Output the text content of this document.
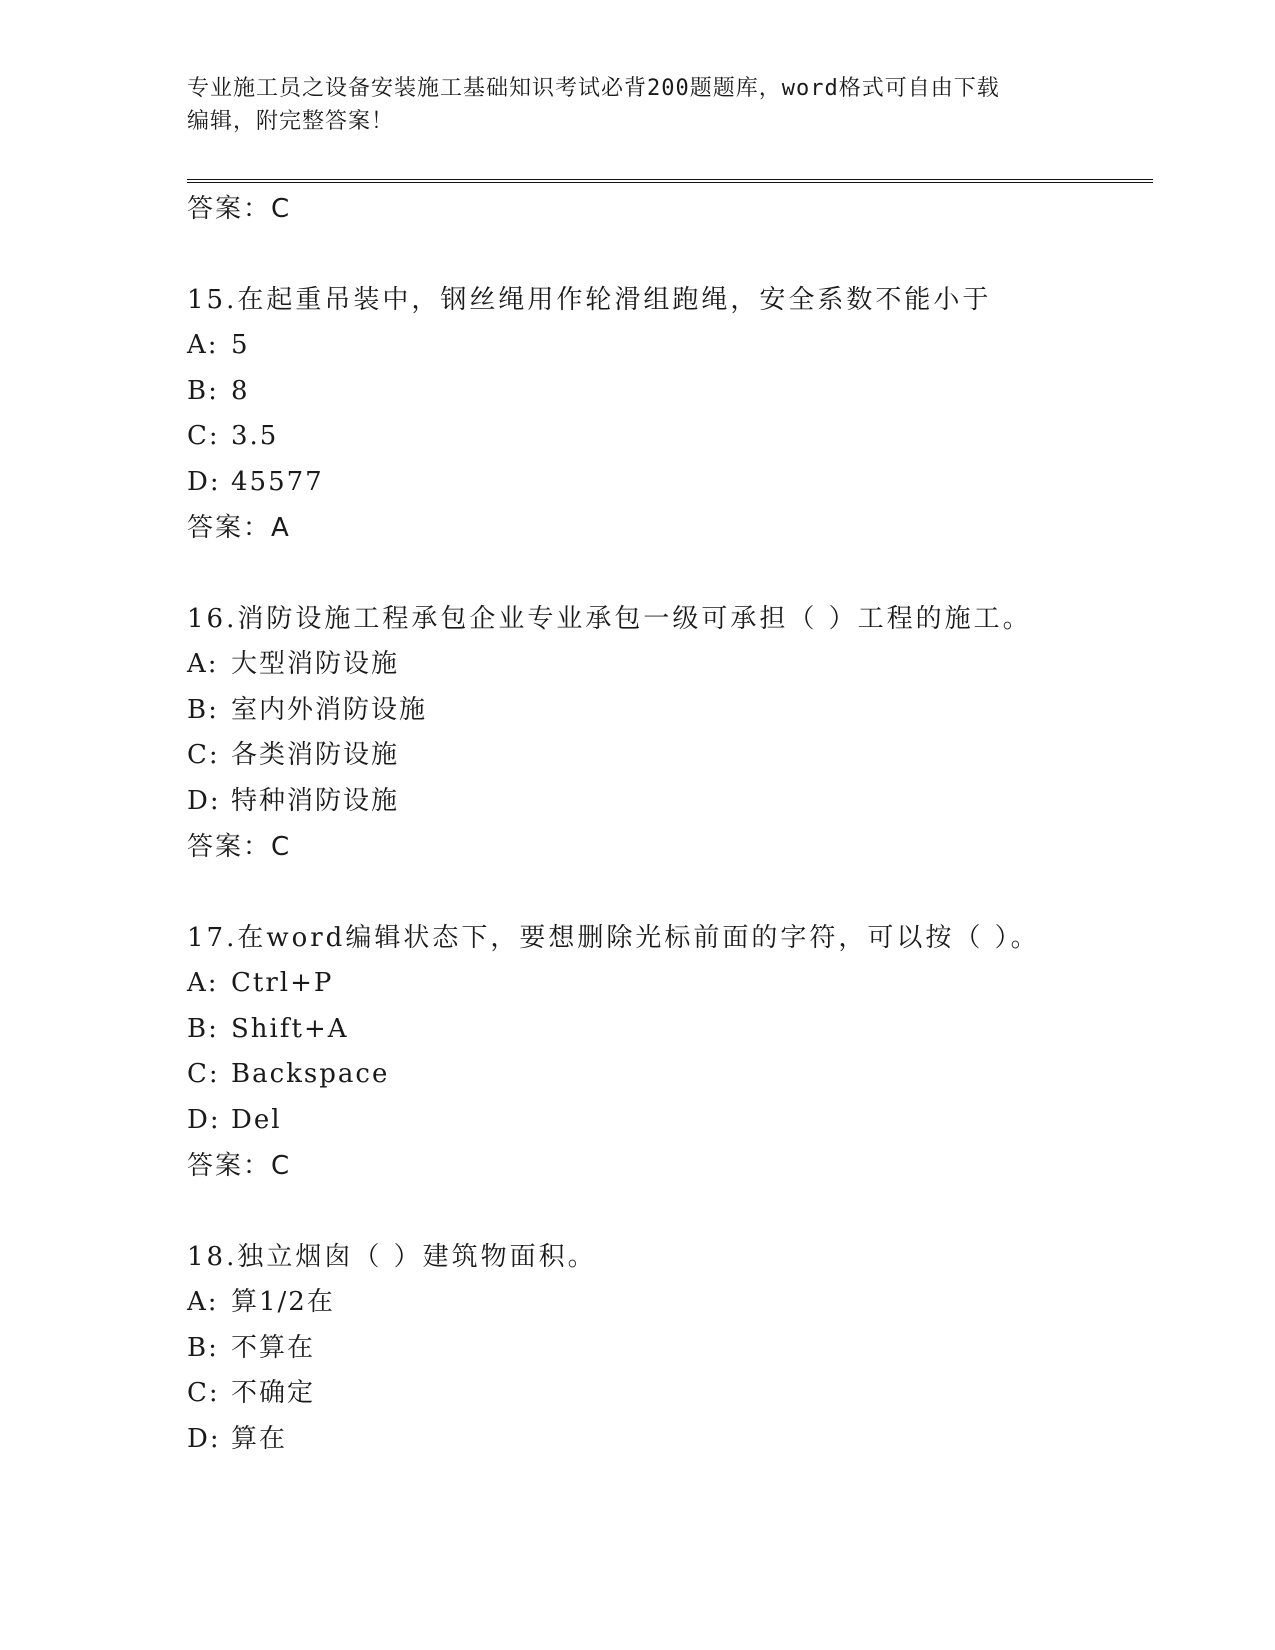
专业施工员之设备安装施工基础知识考试必背200题题库，word格式可自由下载
编辑，附完整答案！
答案：C
15.在起重吊装中，钢丝绳用作轮滑组跑绳，安全系数不能小于
A: 5
B: 8
C: 3.5
D: 45577
答案：A
16.消防设施工程承包企业专业承包一级可承担（ ）工程的施工。
A: 大型消防设施
B: 室内外消防设施
C: 各类消防设施
D: 特种消防设施
答案：C
17.在word编辑状态下，要想删除光标前面的字符，可以按（ ）。
A: Ctrl+P
B: Shift+A
C: Backspace
D: Del
答案：C
18.独立烟囱（ ）建筑物面积。
A: 算1/2在
B: 不算在
C: 不确定
D: 算在
